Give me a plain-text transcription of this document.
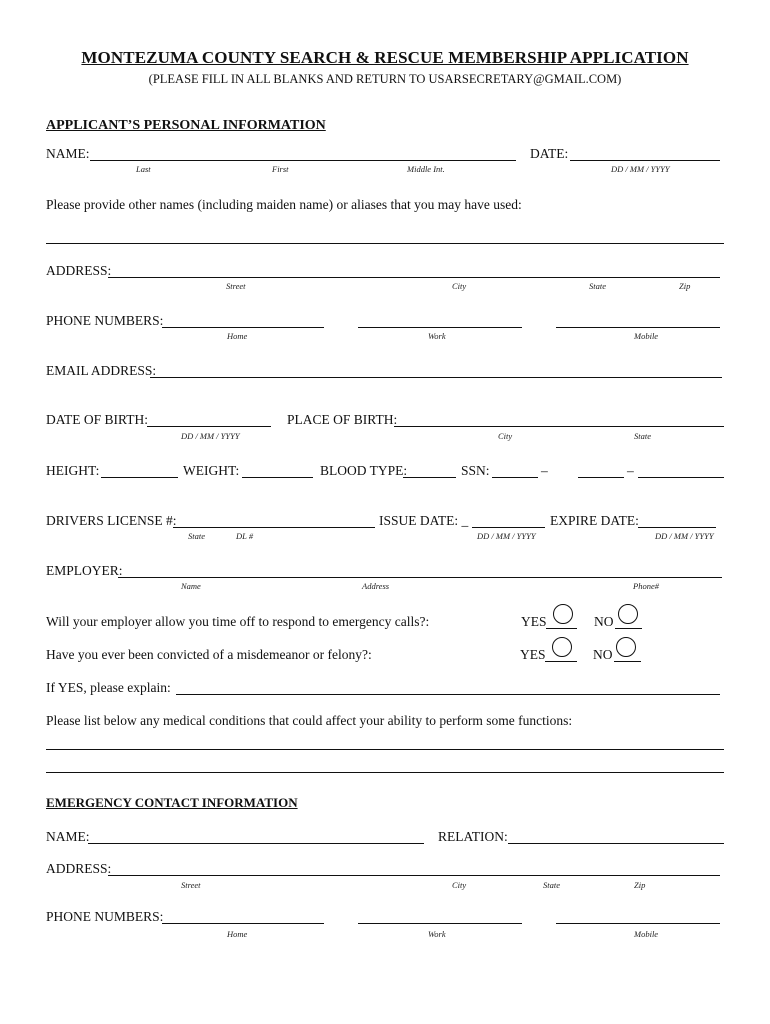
MONTEZUMA COUNTY SEARCH & RESCUE MEMBERSHIP APPLICATION
(PLEASE FILL IN ALL BLANKS AND RETURN TO USARSECRETARY@GMAIL.COM)
APPLICANT’S PERSONAL INFORMATION
NAME:
Last	First	Middle Int.
DATE:
DD / MM / YYYY
Please provide other names (including maiden name) or aliases that you may have used:
ADDRESS:
Street	City	State	Zip
PHONE NUMBERS:
Home	Work	Mobile
EMAIL ADDRESS:
DATE OF BIRTH:
DD / MM / YYYY
PLACE OF BIRTH:
City	State
HEIGHT:	WEIGHT:	BLOOD TYPE:	SSN:	–	–
DRIVERS LICENSE #:
State	DL #
ISSUE DATE: _
DD / MM / YYYY
EXPIRE DATE:
DD / MM / YYYY
EMPLOYER:
Name	Address	Phone#
Will your employer allow you time off to respond to emergency calls?:	YES	NO
Have you ever been convicted of a misdemeanor or felony?:	YES	NO
If YES, please explain:
Please list below any medical conditions that could affect your ability to perform some functions:
EMERGENCY CONTACT INFORMATION
NAME:	RELATION:
ADDRESS:
Street	City	State	Zip
PHONE NUMBERS:
Home	Work	Mobile
